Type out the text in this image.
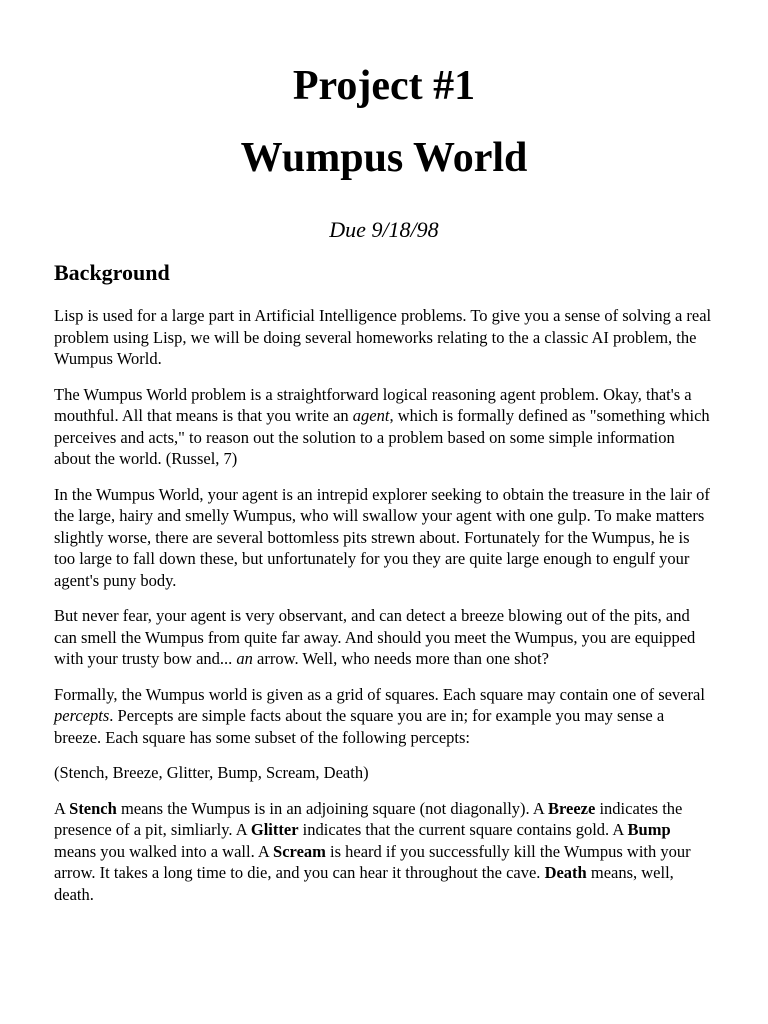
Project #1
Wumpus World
Due 9/18/98
Background

Lisp is used for a large part in Artificial Intelligence problems. To give you a sense of solving a real problem using Lisp, we will be doing several homeworks relating to the a classic AI problem, the Wumpus World.

The Wumpus World problem is a straightforward logical reasoning agent problem. Okay, that's a mouthful. All that means is that you write an agent, which is formally defined as "something which perceives and acts," to reason out the solution to a problem based on some simple information about the world. (Russel, 7)

In the Wumpus World, your agent is an intrepid explorer seeking to obtain the treasure in the lair of the large, hairy and smelly Wumpus, who will swallow your agent with one gulp. To make matters slightly worse, there are several bottomless pits strewn about. Fortunately for the Wumpus, he is too large to fall down these, but unfortunately for you they are quite large enough to engulf your agent's puny body.

But never fear, your agent is very observant, and can detect a breeze blowing out of the pits, and can smell the Wumpus from quite far away. And should you meet the Wumpus, you are equipped with your trusty bow and... an arrow. Well, who needs more than one shot?

Formally, the Wumpus world is given as a grid of squares. Each square may contain one of several percepts. Percepts are simple facts about the square you are in; for example you may sense a breeze. Each square has some subset of the following percepts:

(Stench, Breeze, Glitter, Bump, Scream, Death)

A Stench means the Wumpus is in an adjoining square (not diagonally). A Breeze indicates the presence of a pit, simliarly. A Glitter indicates that the current square contains gold. A Bump means you walked into a wall. A Scream is heard if you successfully kill the Wumpus with your arrow. It takes a long time to die, and you can hear it throughout the cave. Death means, well, death.
